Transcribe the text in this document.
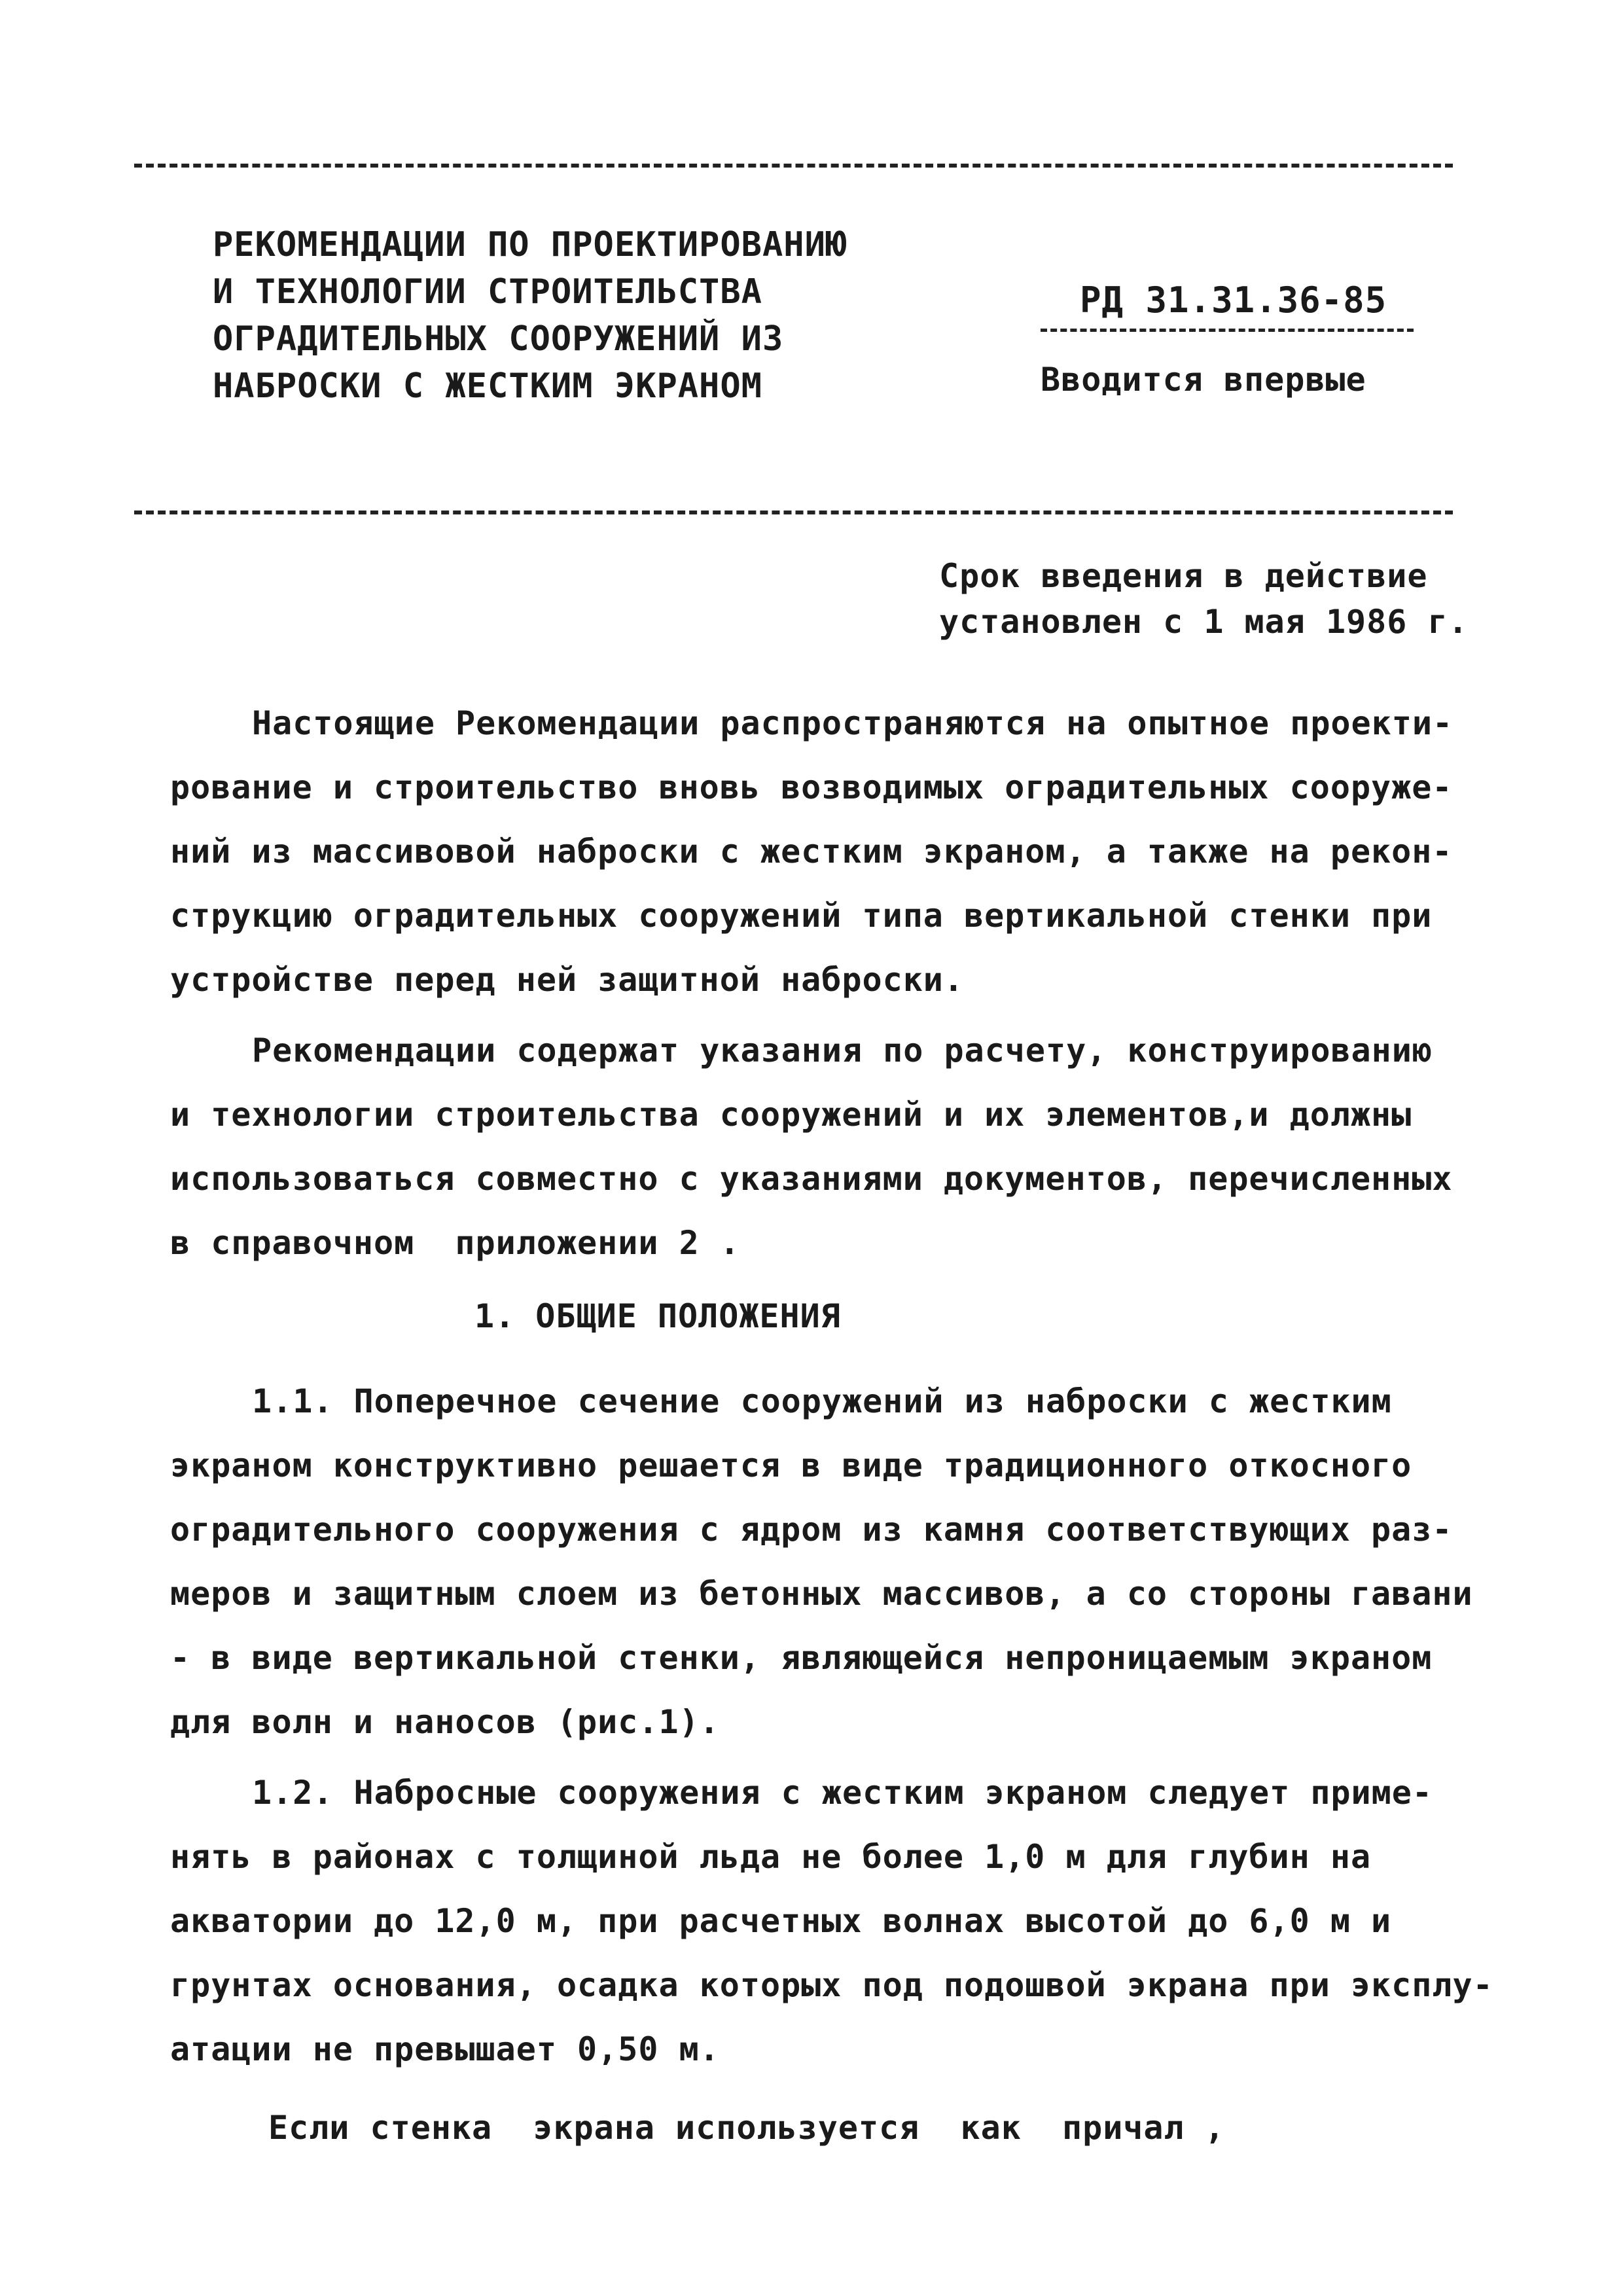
РЕКОМЕНДАЦИИ ПО ПРОЕКТИРОВАНИЮ
И ТЕХНОЛОГИИ СТРОИТЕЛЬСТВА
ОГРАДИТЕЛЬНЫХ СООРУЖЕНИЙ ИЗ
НАБРОСКИ С ЖЕСТКИМ ЭКРАНОМ
РД 31.31.36-85
Вводится впервые
Срок введения в действие
установлен с 1 мая 1986 г.
Настоящие Рекомендации распространяются на опытное проекти-
рование и строительство вновь возводимых оградительных сооруже-
ний из массивовой наброски с жестким экраном, а также на рекон-
струкцию оградительных сооружений типа вертикальной стенки при
устройстве перед ней защитной наброски.
Рекомендации содержат указания по расчету, конструированию
и технологии строительства сооружений и их элементов,и должны
использоваться совместно с указаниями документов, перечисленных
в справочном  приложении 2 .
1. ОБЩИЕ ПОЛОЖЕНИЯ
1.1. Поперечное сечение сооружений из наброски с жестким
экраном конструктивно решается в виде традиционного откосного
оградительного сооружения с ядром из камня соответствующих раз-
меров и защитным слоем из бетонных массивов, а со стороны гавани
- в виде вертикальной стенки, являющейся непроницаемым экраном
для волн и наносов (рис.1).
1.2. Набросные сооружения с жестким экраном следует приме-
нять в районах с толщиной льда не более 1,0 м для глубин на
акватории до 12,0 м, при расчетных волнах высотой до 6,0 м и
грунтах основания, осадка которых под подошвой экрана при эксплу-
атации не превышает 0,50 м.
Если стенка  экрана используется  как  причал ,
